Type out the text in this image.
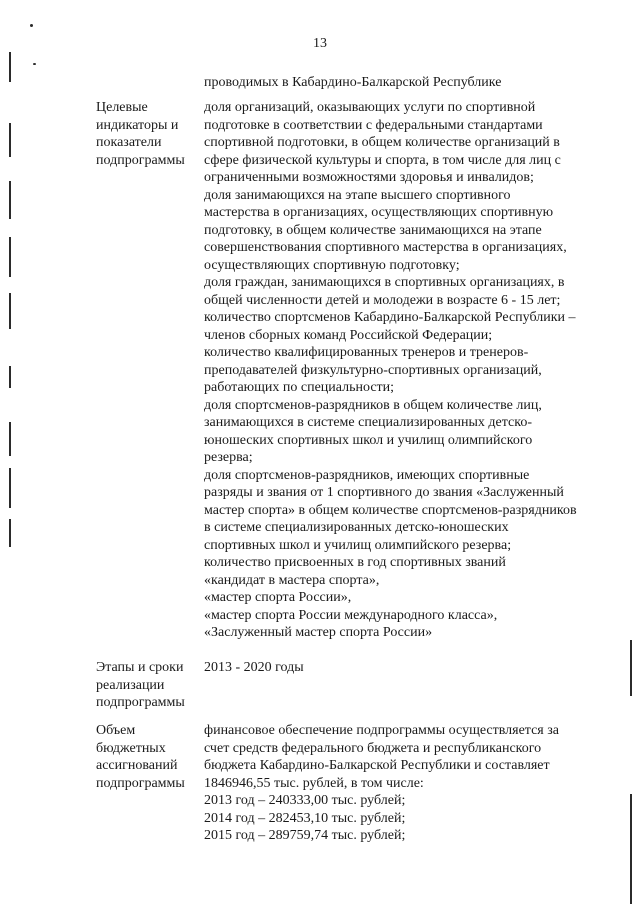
13
проводимых в Кабардино-Балкарской Республике
Целевые
индикаторы и
показатели
подпрограммы
доля организаций, оказывающих услуги по спортивной
подготовке в соответствии с федеральными стандартами
спортивной подготовки, в общем количестве организаций в
сфере физической культуры и спорта, в том числе для лиц с
ограниченными возможностями здоровья и инвалидов;
доля занимающихся на этапе высшего спортивного
мастерства в организациях, осуществляющих спортивную
подготовку, в общем количестве занимающихся на этапе
совершенствования спортивного мастерства в организациях,
осуществляющих спортивную подготовку;
доля граждан, занимающихся в спортивных организациях, в
общей численности детей и молодежи в возрасте 6 - 15 лет;
количество спортсменов Кабардино-Балкарской Республики –
членов сборных команд Российской Федерации;
количество квалифицированных тренеров и тренеров-
преподавателей физкультурно-спортивных организаций,
работающих по специальности;
доля спортсменов-разрядников в общем количестве лиц,
занимающихся в системе специализированных детско-
юношеских спортивных школ и училищ олимпийского
резерва;
доля спортсменов-разрядников, имеющих спортивные
разряды и звания от 1 спортивного до звания «Заслуженный
мастер спорта» в общем количестве спортсменов-разрядников
в системе специализированных детско-юношеских
спортивных школ и училищ олимпийского резерва;
количество присвоенных в год спортивных званий
«кандидат в мастера спорта»,
«мастер спорта России»,
«мастер спорта России международного класса»,
«Заслуженный мастер спорта России»
Этапы и сроки
реализации
подпрограммы
2013 - 2020 годы
Объем
бюджетных
ассигнований
подпрограммы
финансовое обеспечение подпрограммы осуществляется за
счет средств федерального бюджета и республиканского
бюджета Кабардино-Балкарской Республики и составляет
1846946,55 тыс. рублей, в том числе:
2013 год – 240333,00 тыс. рублей;
2014 год – 282453,10 тыс. рублей;
2015 год – 289759,74 тыс. рублей;
